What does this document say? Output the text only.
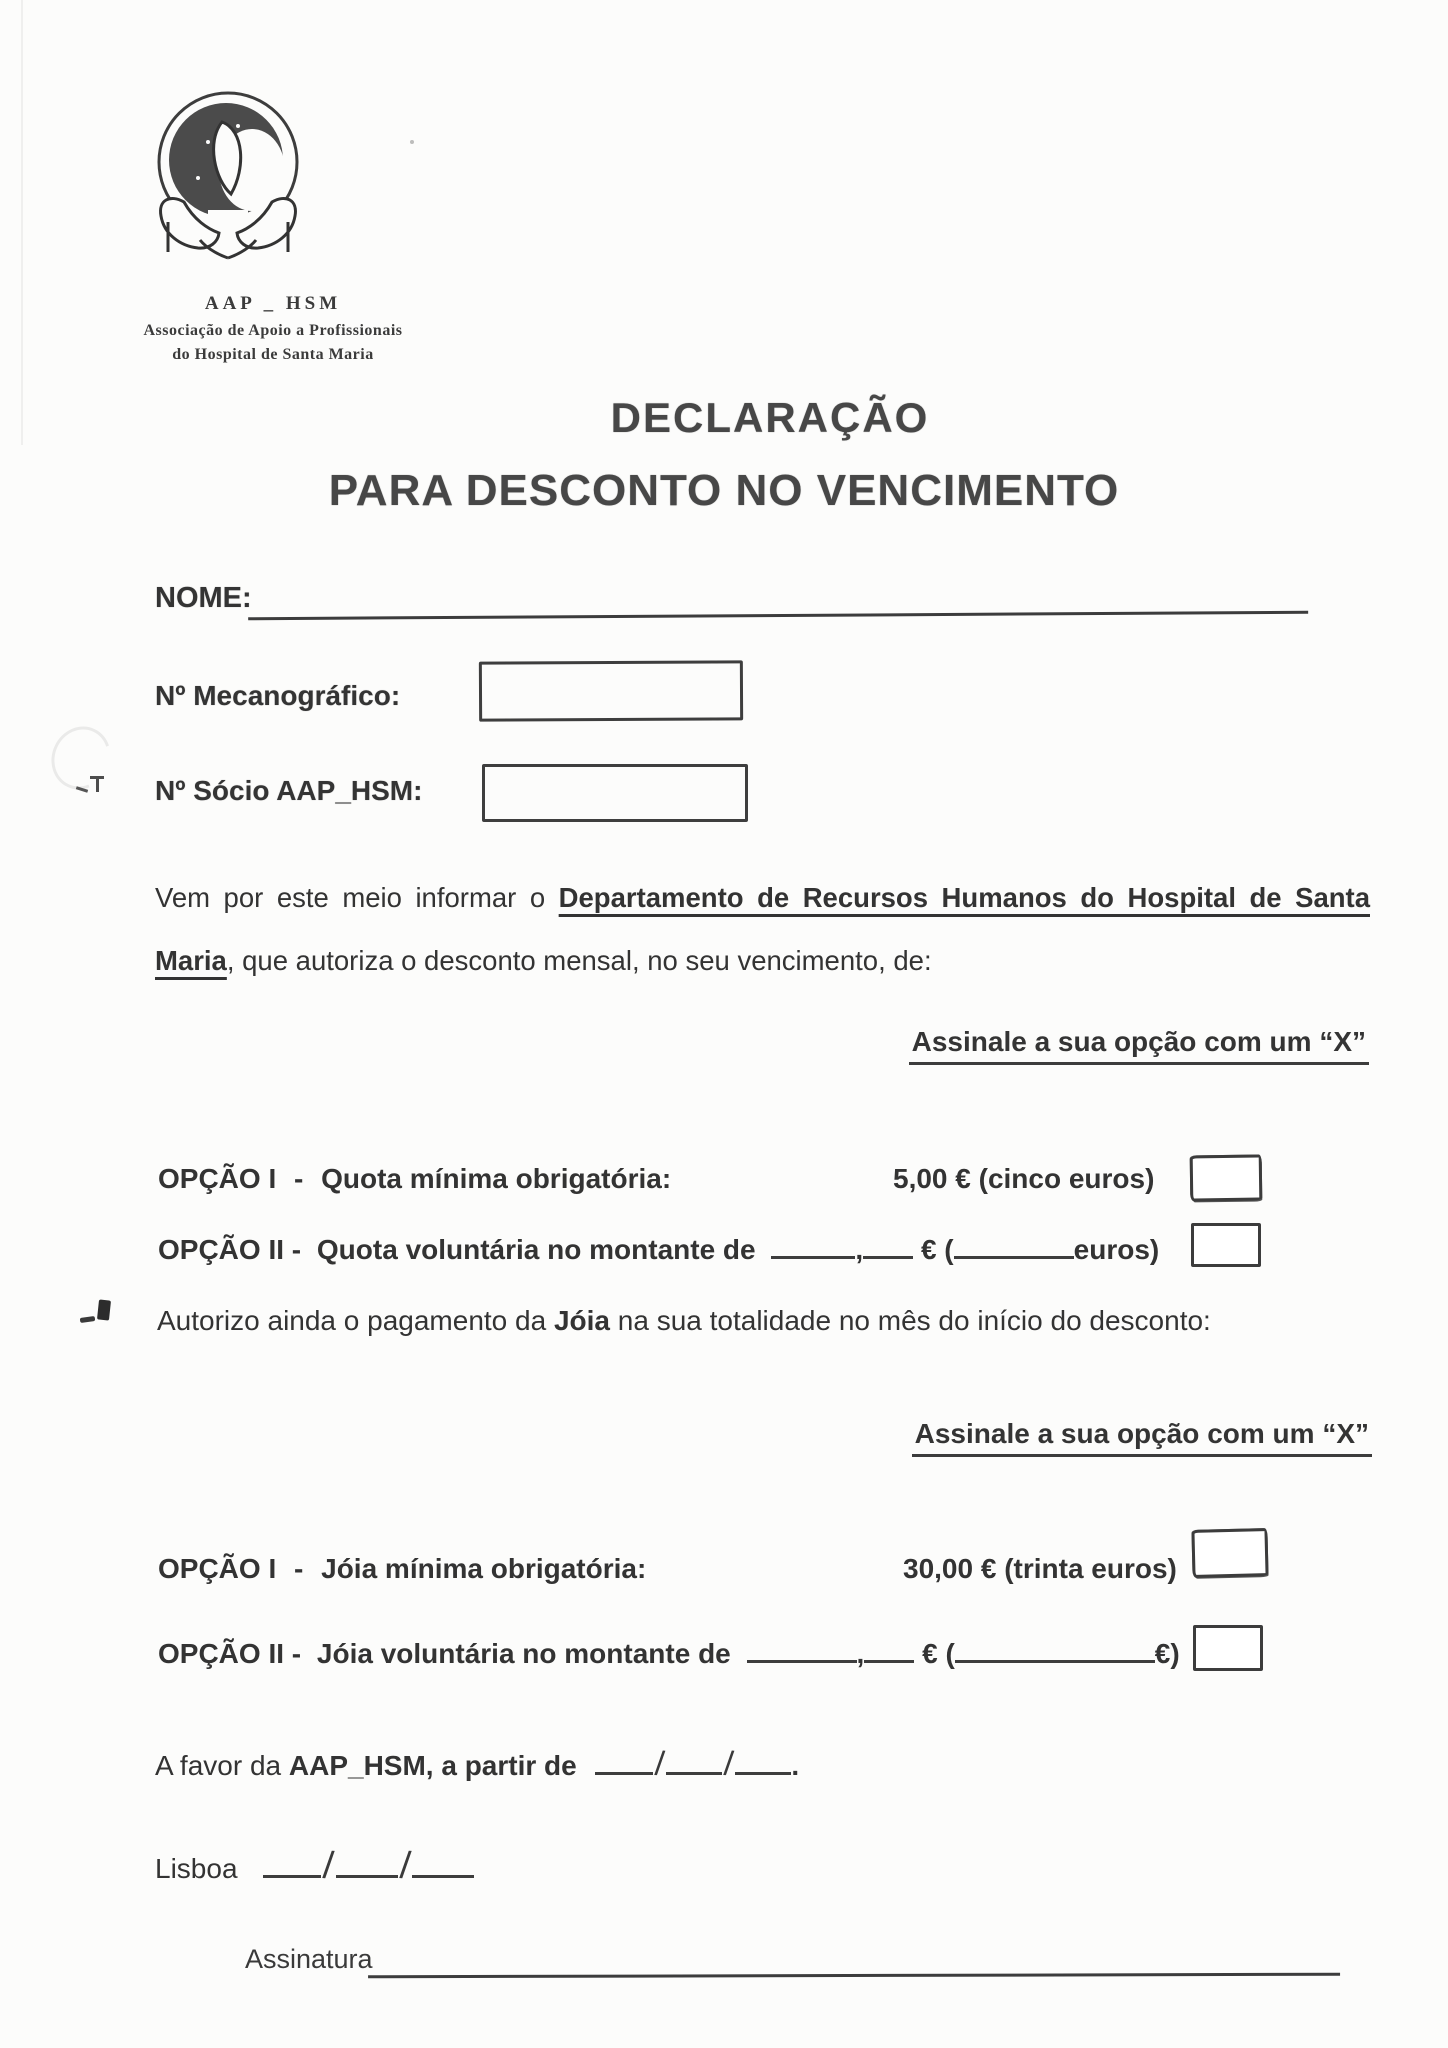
AAP _ HSM
Associação de Apoio a Profissionais
do Hospital de Santa Maria
DECLARAÇÃO
PARA DESCONTO NO VENCIMENTO
NOME:
Nº Mecanográfico:
Nº Sócio AAP_HSM:
Vem por este meio informar o Departamento de Recursos Humanos do Hospital de Santa
Maria, que autoriza o desconto mensal, no seu vencimento, de:
Assinale a sua opção com um “X”
OPÇÃO I - Quota mínima obrigatória:	5,00 € (cinco euros)
OPÇÃO II - Quota voluntária no montante de	, € (	euros)
Autorizo ainda o pagamento da Jóia na sua totalidade no mês do início do desconto:
Assinale a sua opção com um “X”
OPÇÃO I - Jóia mínima obrigatória:	30,00 € (trinta euros)
OPÇÃO II - Jóia voluntária no montante de	, € (	€)
A favor da AAP_HSM, a partir de / / .
Lisboa / /
Assinatura
